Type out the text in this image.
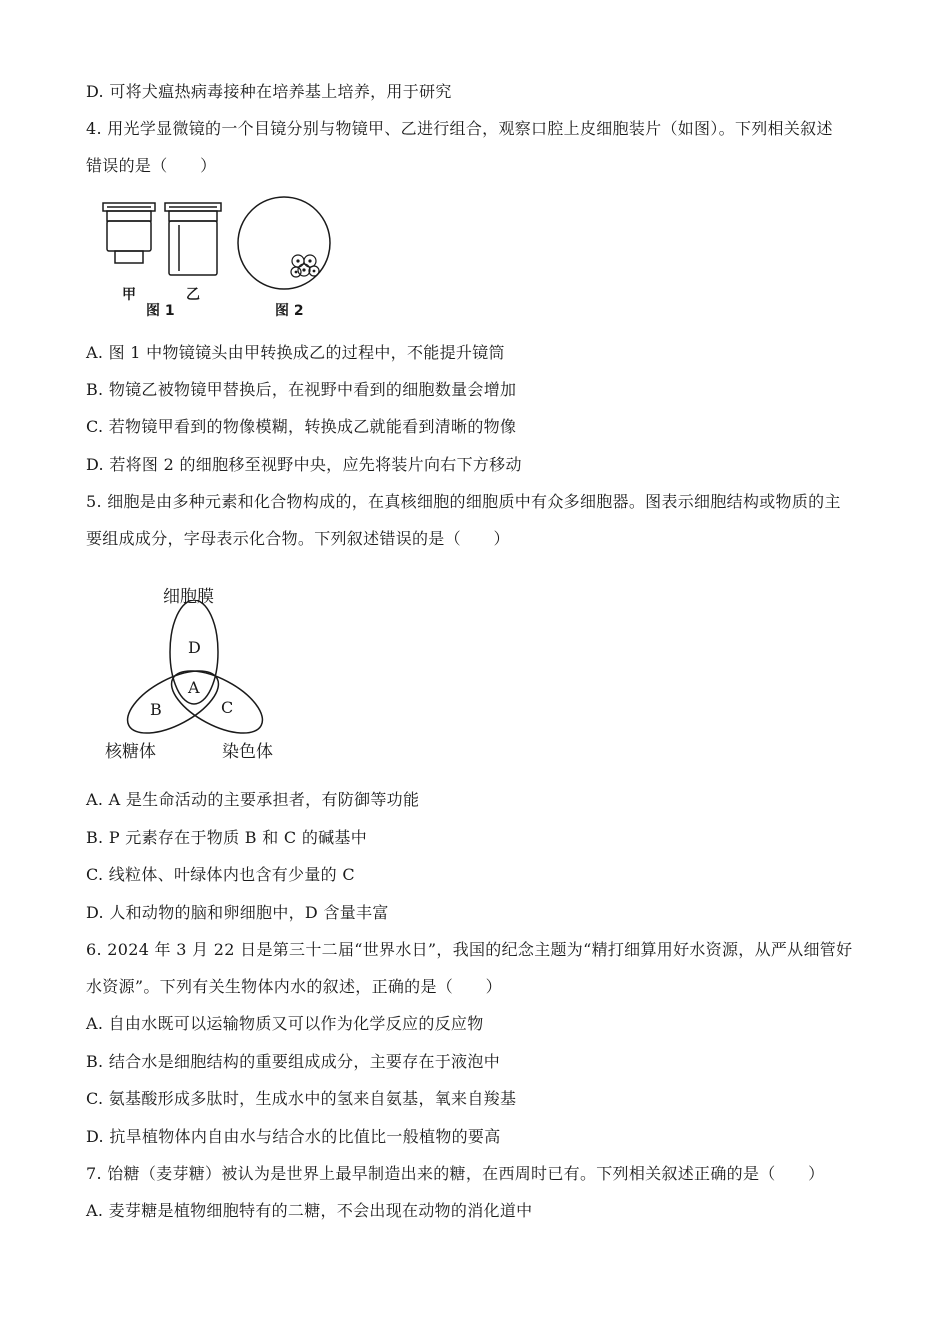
D. 可将犬瘟热病毒接种在培养基上培养，用于研究
4. 用光学显微镜的一个目镜分别与物镜甲、乙进行组合，观察口腔上皮细胞装片（如图）。下列相关叙述
错误的是（　　）
甲	乙
图 1	图 2
A. 图 1 中物镜镜头由甲转换成乙的过程中，不能提升镜筒
B. 物镜乙被物镜甲替换后，在视野中看到的细胞数量会增加
C. 若物镜甲看到的物像模糊，转换成乙就能看到清晰的物像
D. 若将图 2 的细胞移至视野中央，应先将装片向右下方移动
5. 细胞是由多种元素和化合物构成的，在真核细胞的细胞质中有众多细胞器。图表示细胞结构或物质的主
要组成成分，字母表示化合物。下列叙述错误的是（　　）
细胞膜
D
A
B	C
核糖体	染色体
A. A 是生命活动的主要承担者，有防御等功能
B. P 元素存在于物质 B 和 C 的碱基中
C. 线粒体、叶绿体内也含有少量的 C
D. 人和动物的脑和卵细胞中，D 含量丰富
6. 2024 年 3 月 22 日是第三十二届“世界水日”，我国的纪念主题为“精打细算用好水资源，从严从细管好
水资源”。下列有关生物体内水的叙述，正确的是（　　）
A. 自由水既可以运输物质又可以作为化学反应的反应物
B. 结合水是细胞结构的重要组成成分，主要存在于液泡中
C. 氨基酸形成多肽时，生成水中的氢来自氨基，氧来自羧基
D. 抗旱植物体内自由水与结合水的比值比一般植物的要高
7. 饴糖（麦芽糖）被认为是世界上最早制造出来的糖，在西周时已有。下列相关叙述正确的是（　　）
A. 麦芽糖是植物细胞特有的二糖，不会出现在动物的消化道中
